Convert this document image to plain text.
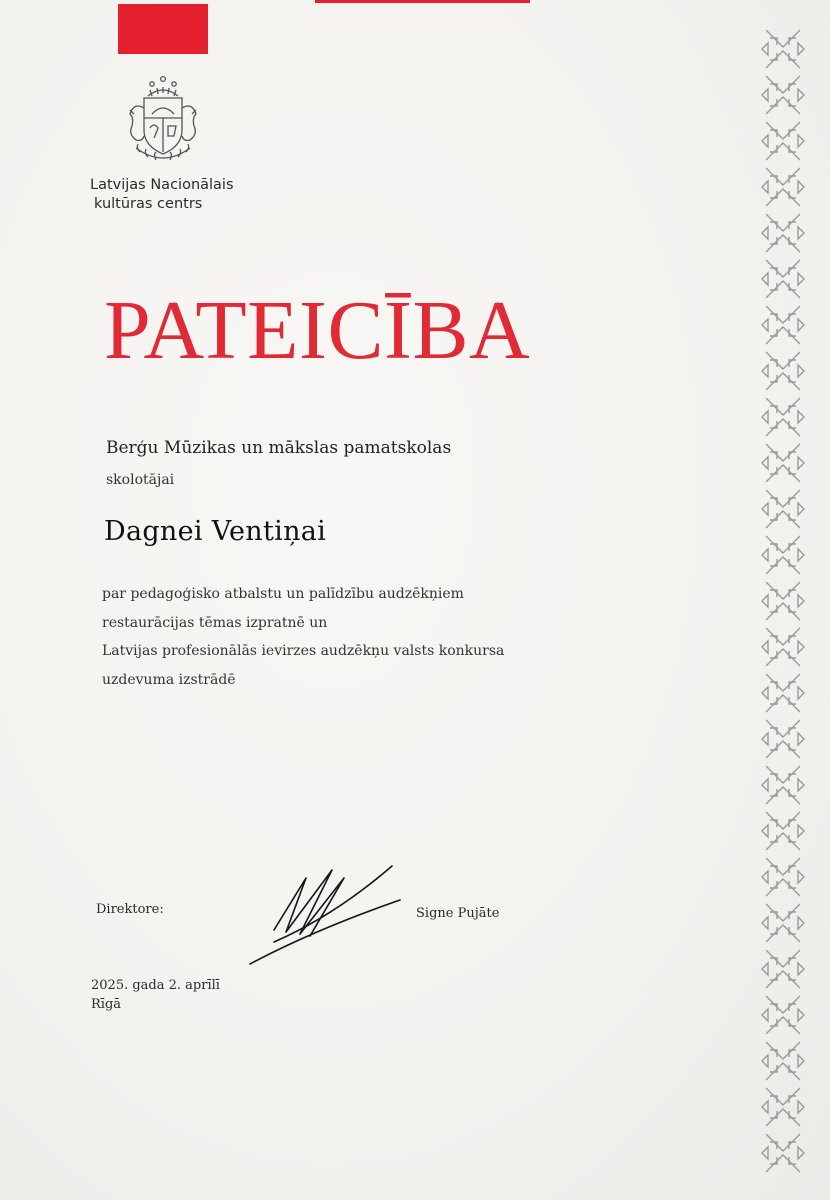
Latvijas Nacionālais
kultūras centrs
PATEICĪBA
Berģu Mūzikas un mākslas pamatskolas
skolotājai
Dagnei Ventiņai
par pedagoģisko atbalstu un palīdzību audzēkņiem
restaurācijas tēmas izpratnē un
Latvijas profesionālās ievirzes audzēkņu valsts konkursa
uzdevuma izstrādē
Direktore:	Signe Pujāte
2025. gada 2. aprīlī
Rīgā
